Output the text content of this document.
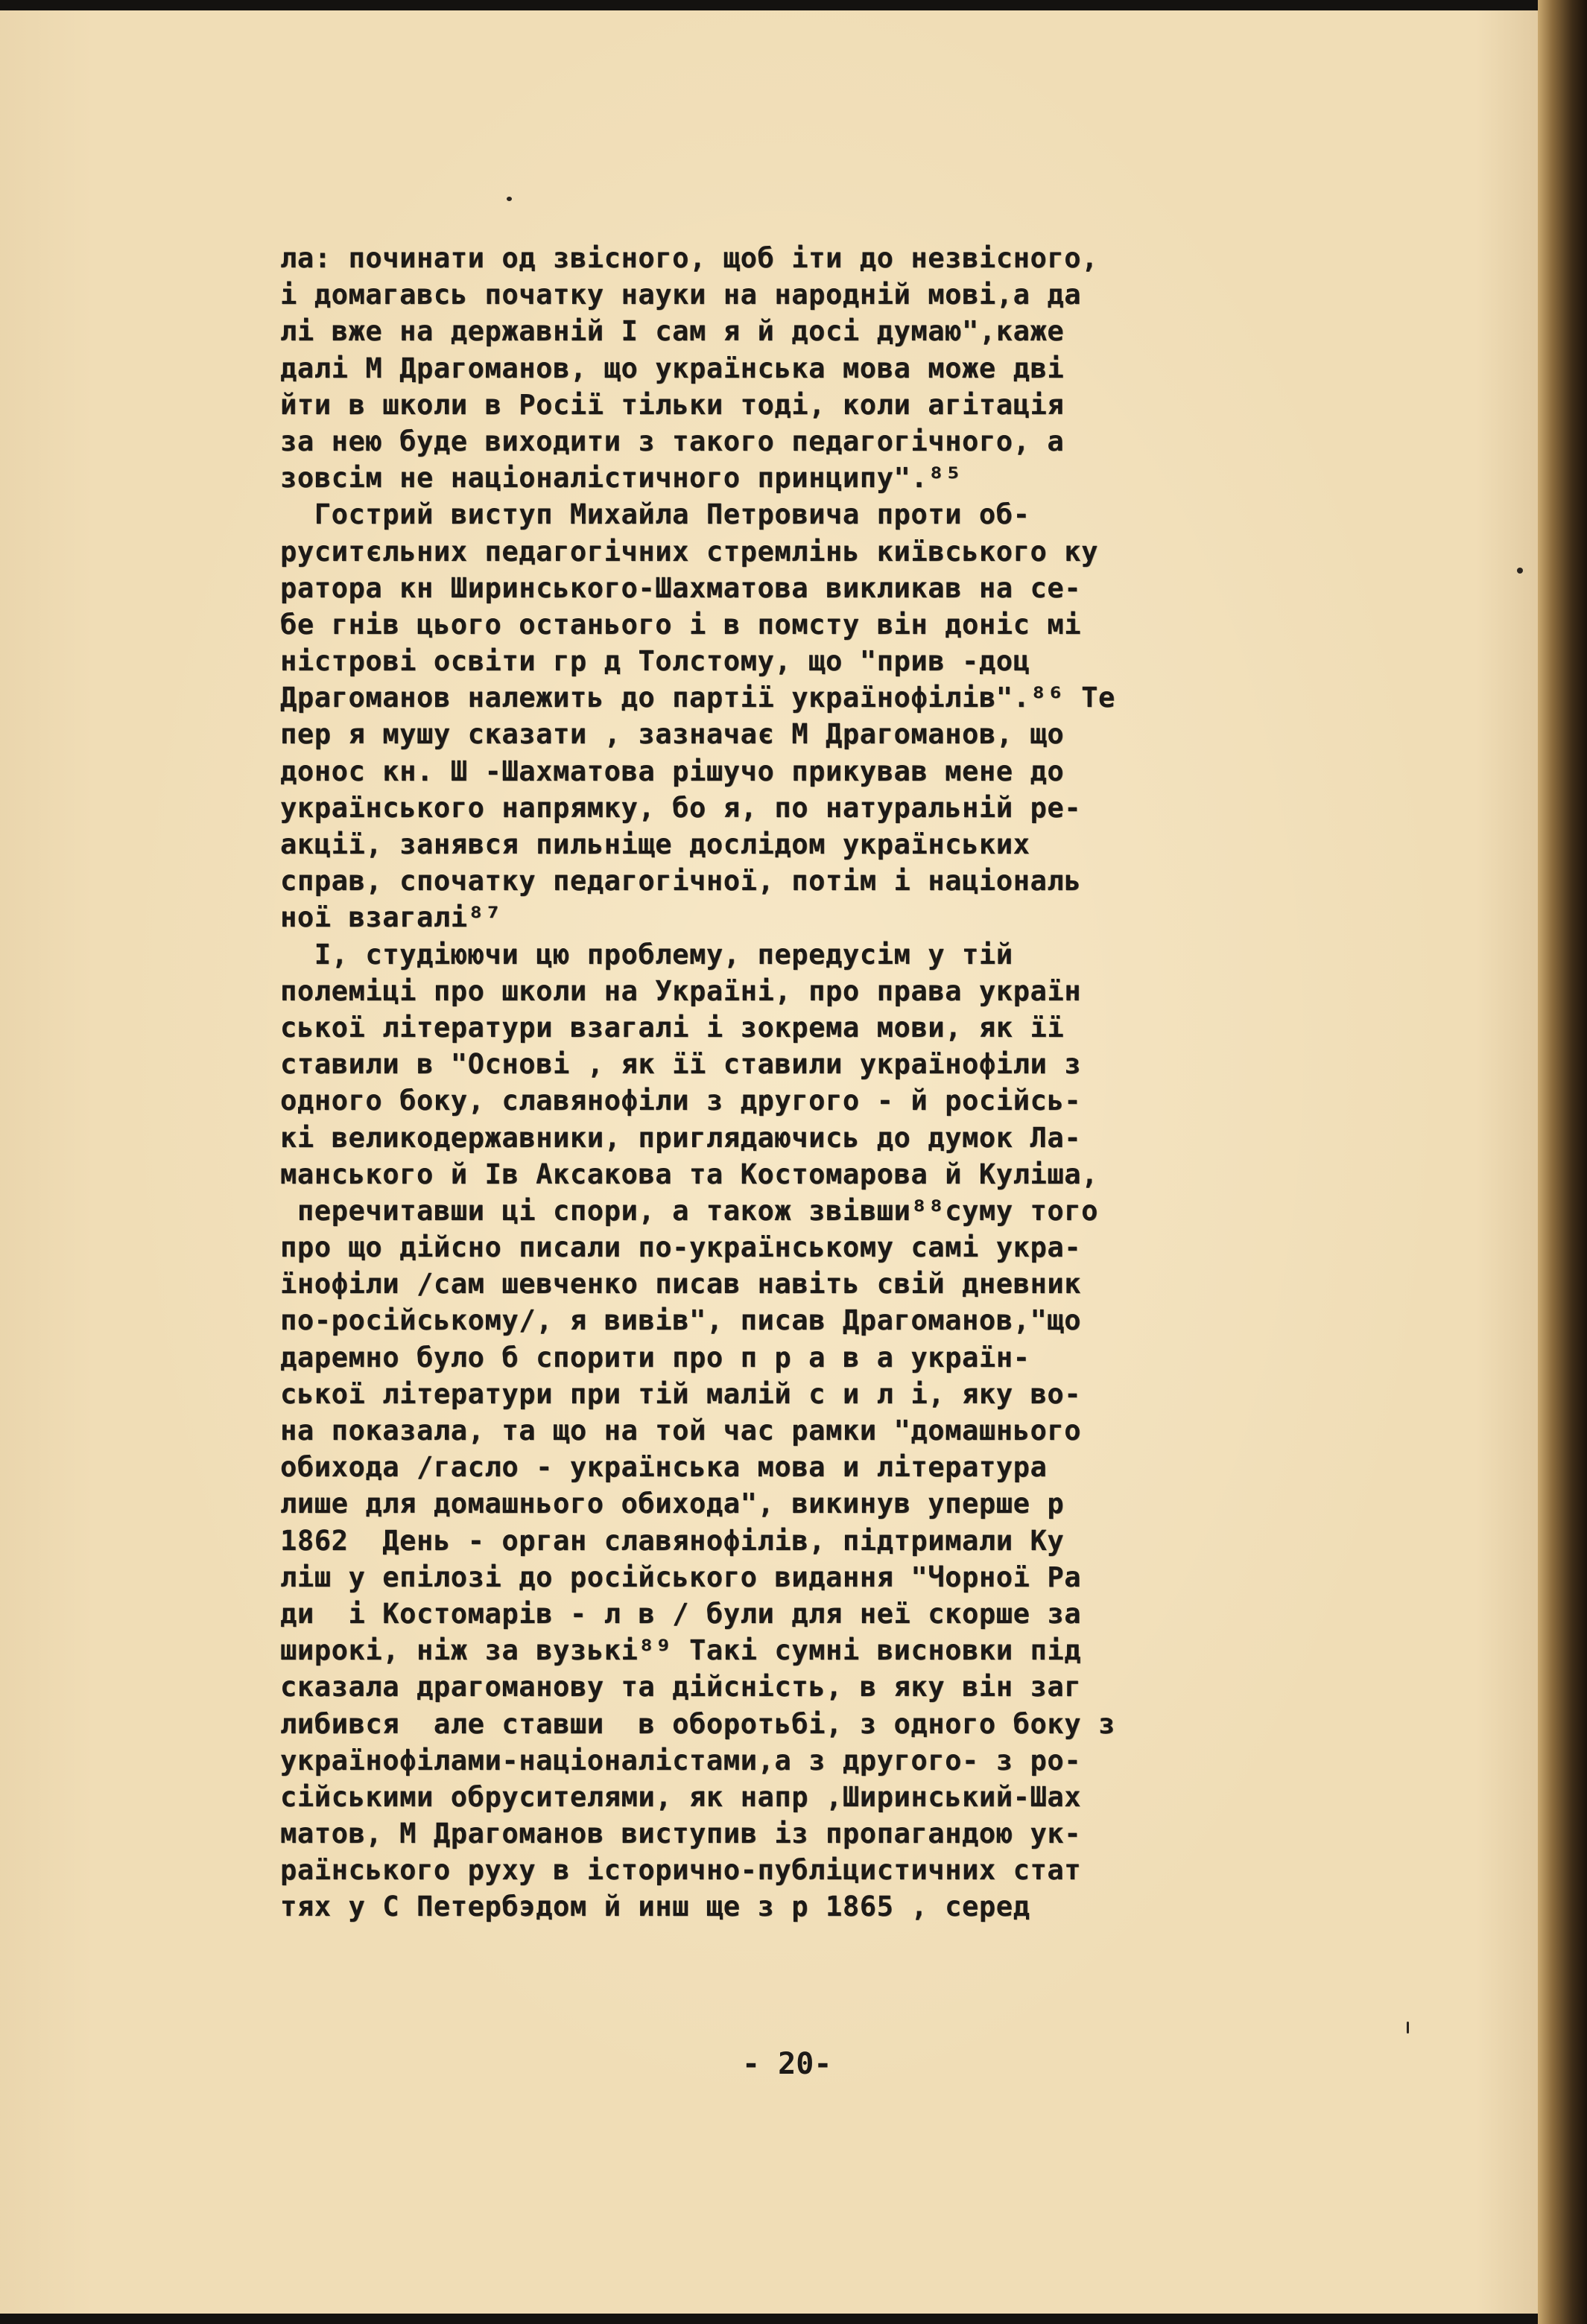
ла: починати од звісного, щоб іти до незвісного,
і домагавсь початку науки на народній мові,а да
лі вже на державній І сам я й досі думаю",каже
далі М Драгоманов, що українська мова може дві
йти в школи в Росії тільки тоді, коли агітація
за нею буде виходити з такого педагогічного, а
зовсім не націоналістичного принципу".⁸⁵
Гострий виступ Михайла Петровича проти об-
руситєльних педагогічних стремлінь київського ку
ратора кн Ширинського-Шахматова викликав на се-
бе гнів цього останього і в помсту він доніс мі
ністрові освіти гр д Толстому, що "прив -доц
Драгоманов належить до партії українофілів".⁸⁶ Те
пер я мушу сказати , зазначає М Драгоманов, що
донос кн. Ш -Шахматова рішучо прикував мене до
українського напрямку, бо я, по натуральній ре-
акції, занявся пильніще дослідом українських
справ, спочатку педагогічної, потім і національ
ної взагалі⁸⁷
І, студіюючи цю проблему, передусім у тій
полеміці про школи на Україні, про права україн
ської літератури взагалі і зокрема мови, як її
ставили в "Основі , як її ставили українофіли з
одного боку, славянофіли з другого - й російсь-
кі великодержавники, приглядаючись до думок Ла-
манського й Ів Аксакова та Костомарова й Куліша,
перечитавши ці спори, а також звівши⁸⁸суму того
про що дійсно писали по-українському самі укра-
їнофіли /сам шевченко писав навіть свій дневник
по-російському/, я вивів", писав Драгоманов,"що
даремно було б спорити про п р а в а україн-
ської літератури при тій малій с и л і, яку во-
на показала, та що на той час рамки "домашнього
обихода /гасло - українська мова и література
лише для домашнього обихода", викинув уперше р
1862  День - орган славянофілів, підтримали Ку
ліш у епілозі до російського видання "Чорної Ра
ди  і Костомарів - л в / були для неї скорше за
широкі, ніж за вузькі⁸⁹ Такі сумні висновки під
сказала драгоманову та дійсність, в яку він заг
либився  але ставши  в оборотьбі, з одного боку з
українофілами-націоналістами,а з другого- з ро-
сійськими обрусителями, як напр ,Ширинський-Шах
матов, М Драгоманов виступив із пропагандою ук-
раїнського руху в історично-публіцистичних стат
тях у С Петербэдом й инш ще з р 1865 , серед
- 20-
